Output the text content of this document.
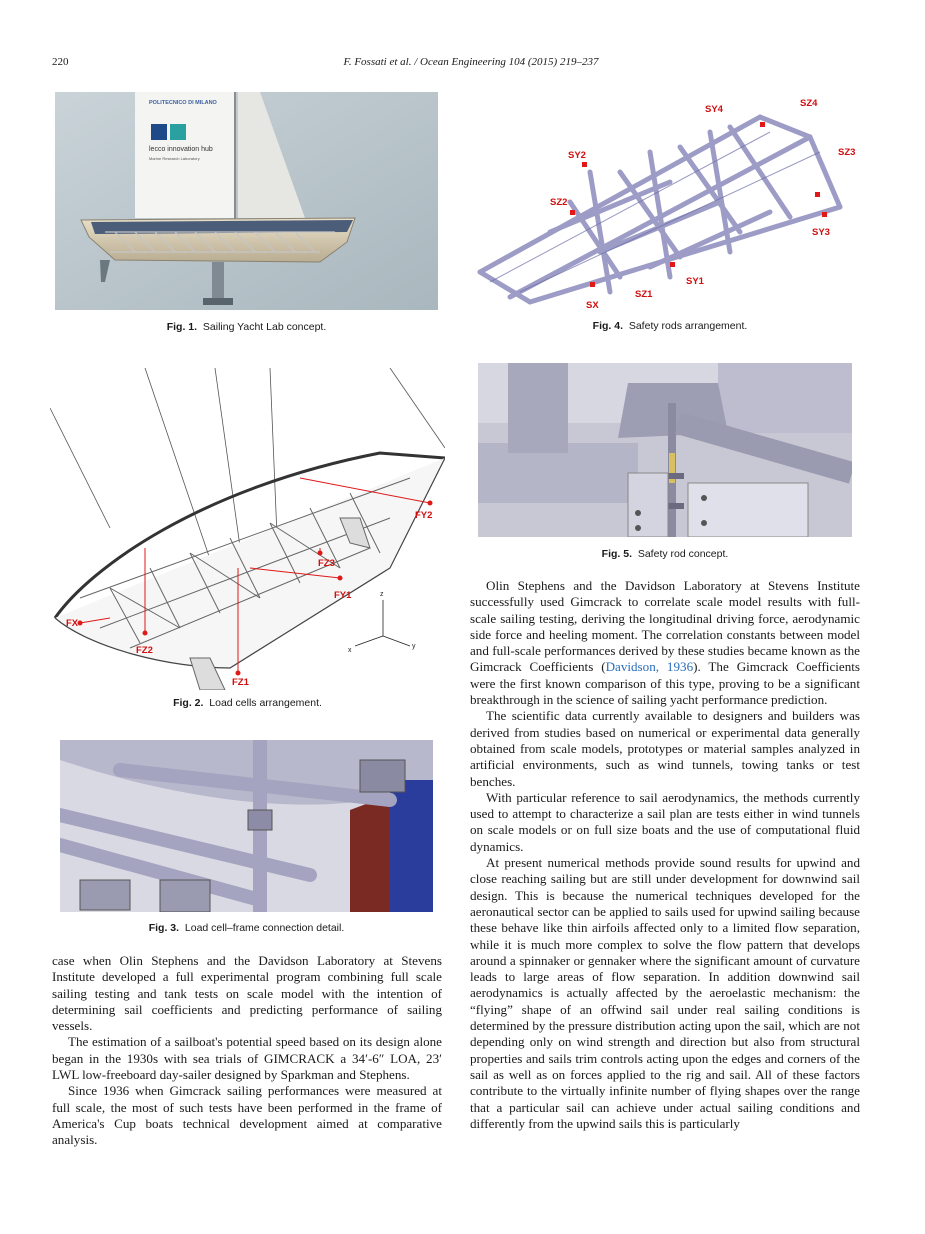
220	F. Fossati et al. / Ocean Engineering 104 (2015) 219–237
POLITECNICO DI MILANO
lecco innovation hub
Marine Research Laboratory
Fig. 1. Sailing Yacht Lab concept.
SY4
SZ4
SY2	SZ3
SZ2
SY3
SY1
SZ1
SX
Fig. 4. Safety rods arrangement.
FY2
FZ3
FY1
FX
FZ2
FZ1
z
x
y
Fig. 2. Load cells arrangement.
Fig. 5. Safety rod concept.
Fig. 3. Load cell–frame connection detail.

case when Olin Stephens and the Davidson Laboratory at Stevens Institute developed a full experimental program combining full scale sailing testing and tank tests on scale model with the intention of determining sail coefficients and predicting performance of sailing vessels.

The estimation of a sailboat's potential speed based on its design alone began in the 1930s with sea trials of GIMCRACK a 34′-6″ LOA, 23′ LWL low-freeboard day-sailer designed by Sparkman and Stephens.

Since 1936 when Gimcrack sailing performances were measured at full scale, the most of such tests have been performed in the frame of America's Cup boats technical development aimed at comparative analysis.

Olin Stephens and the Davidson Laboratory at Stevens Institute successfully used Gimcrack to correlate scale model results with full-scale sailing testing, deriving the longitudinal driving force, aerodynamic side force and heeling moment. The correlation constants between model and full-scale performances derived by these studies became known as the Gimcrack Coefficients (Davidson, 1936). The Gimcrack Coefficients were the first known comparison of this type, proving to be a significant breakthrough in the science of sailing yacht performance prediction.

The scientific data currently available to designers and builders was derived from studies based on numerical or experimental data generally obtained from scale models, prototypes or material samples analyzed in artificial environments, such as wind tunnels, towing tanks or test benches.

With particular reference to sail aerodynamics, the methods currently used to attempt to characterize a sail plan are tests either in wind tunnels on scale models or on full size boats and the use of computational fluid dynamics.

At present numerical methods provide sound results for upwind and close reaching sailing but are still under development for downwind sail design. This is because the numerical techniques developed for the aeronautical sector can be applied to sails used for upwind sailing because these behave like thin airfoils affected only to a limited flow separation, while it is much more complex to solve the flow pattern that develops around a spinnaker or gennaker where the significant amount of curvature leads to large areas of flow separation. In addition downwind sail aerodynamics is actually affected by the aeroelastic mechanism: the “flying” shape of an offwind sail under real sailing conditions is determined by the pressure distribution acting upon the sail, which are not depending only on wind strength and direction but also from structural properties and sails trim controls acting upon the edges and corners of the sail as well as on forces applied to the rig and sail. All of these factors contribute to the virtually infinite number of flying shapes over the range that a particular sail can achieve under actual sailing conditions and differently from the upwind sails this is particularly
